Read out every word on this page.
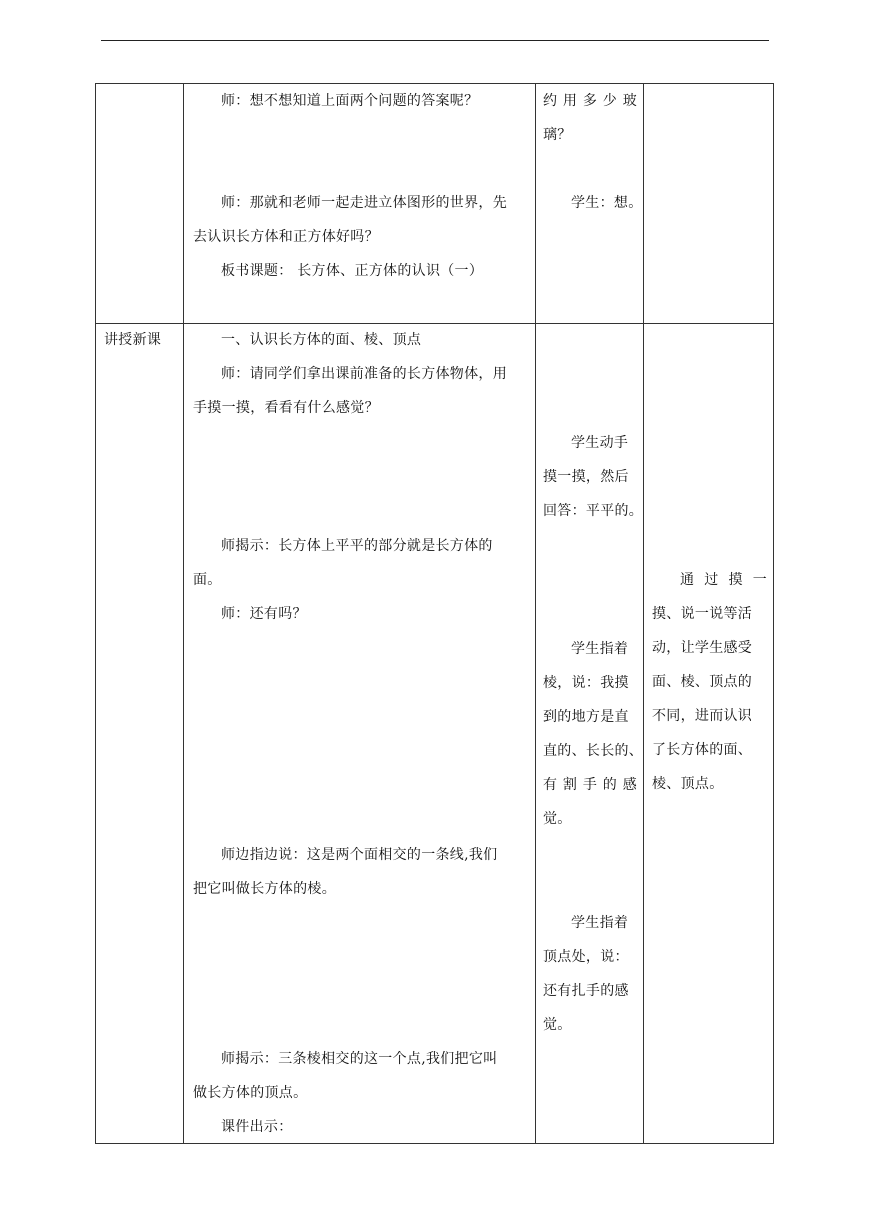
师：想不想知道上面两个问题的答案呢？
师：那就和老师一起走进立体图形的世界，先
去认识长方体和正方体好吗？
板书课题： 长方体、正方体的认识（一）
约用多少玻
璃？
学生：想。
讲授新课	一、认识长方体的面、棱、顶点
师：请同学们拿出课前准备的长方体物体，用
手摸一摸，看看有什么感觉？
师揭示：长方体上平平的部分就是长方体的
面。
师：还有吗？
师边指边说：这是两个面相交的一条线,我们
把它叫做长方体的棱。
师揭示：三条棱相交的这一个点,我们把它叫
做长方体的顶点。
课件出示：
学生动手
摸一摸，然后
回答：平平的。
学生指着
棱，说：我摸
到的地方是直
直的、长长的、
有割手的感
觉。
学生指着
顶点处，说：
还有扎手的感
觉。
通过摸一
摸、说一说等活
动，让学生感受
面、棱、顶点的
不同，进而认识
了长方体的面、
棱、顶点。
